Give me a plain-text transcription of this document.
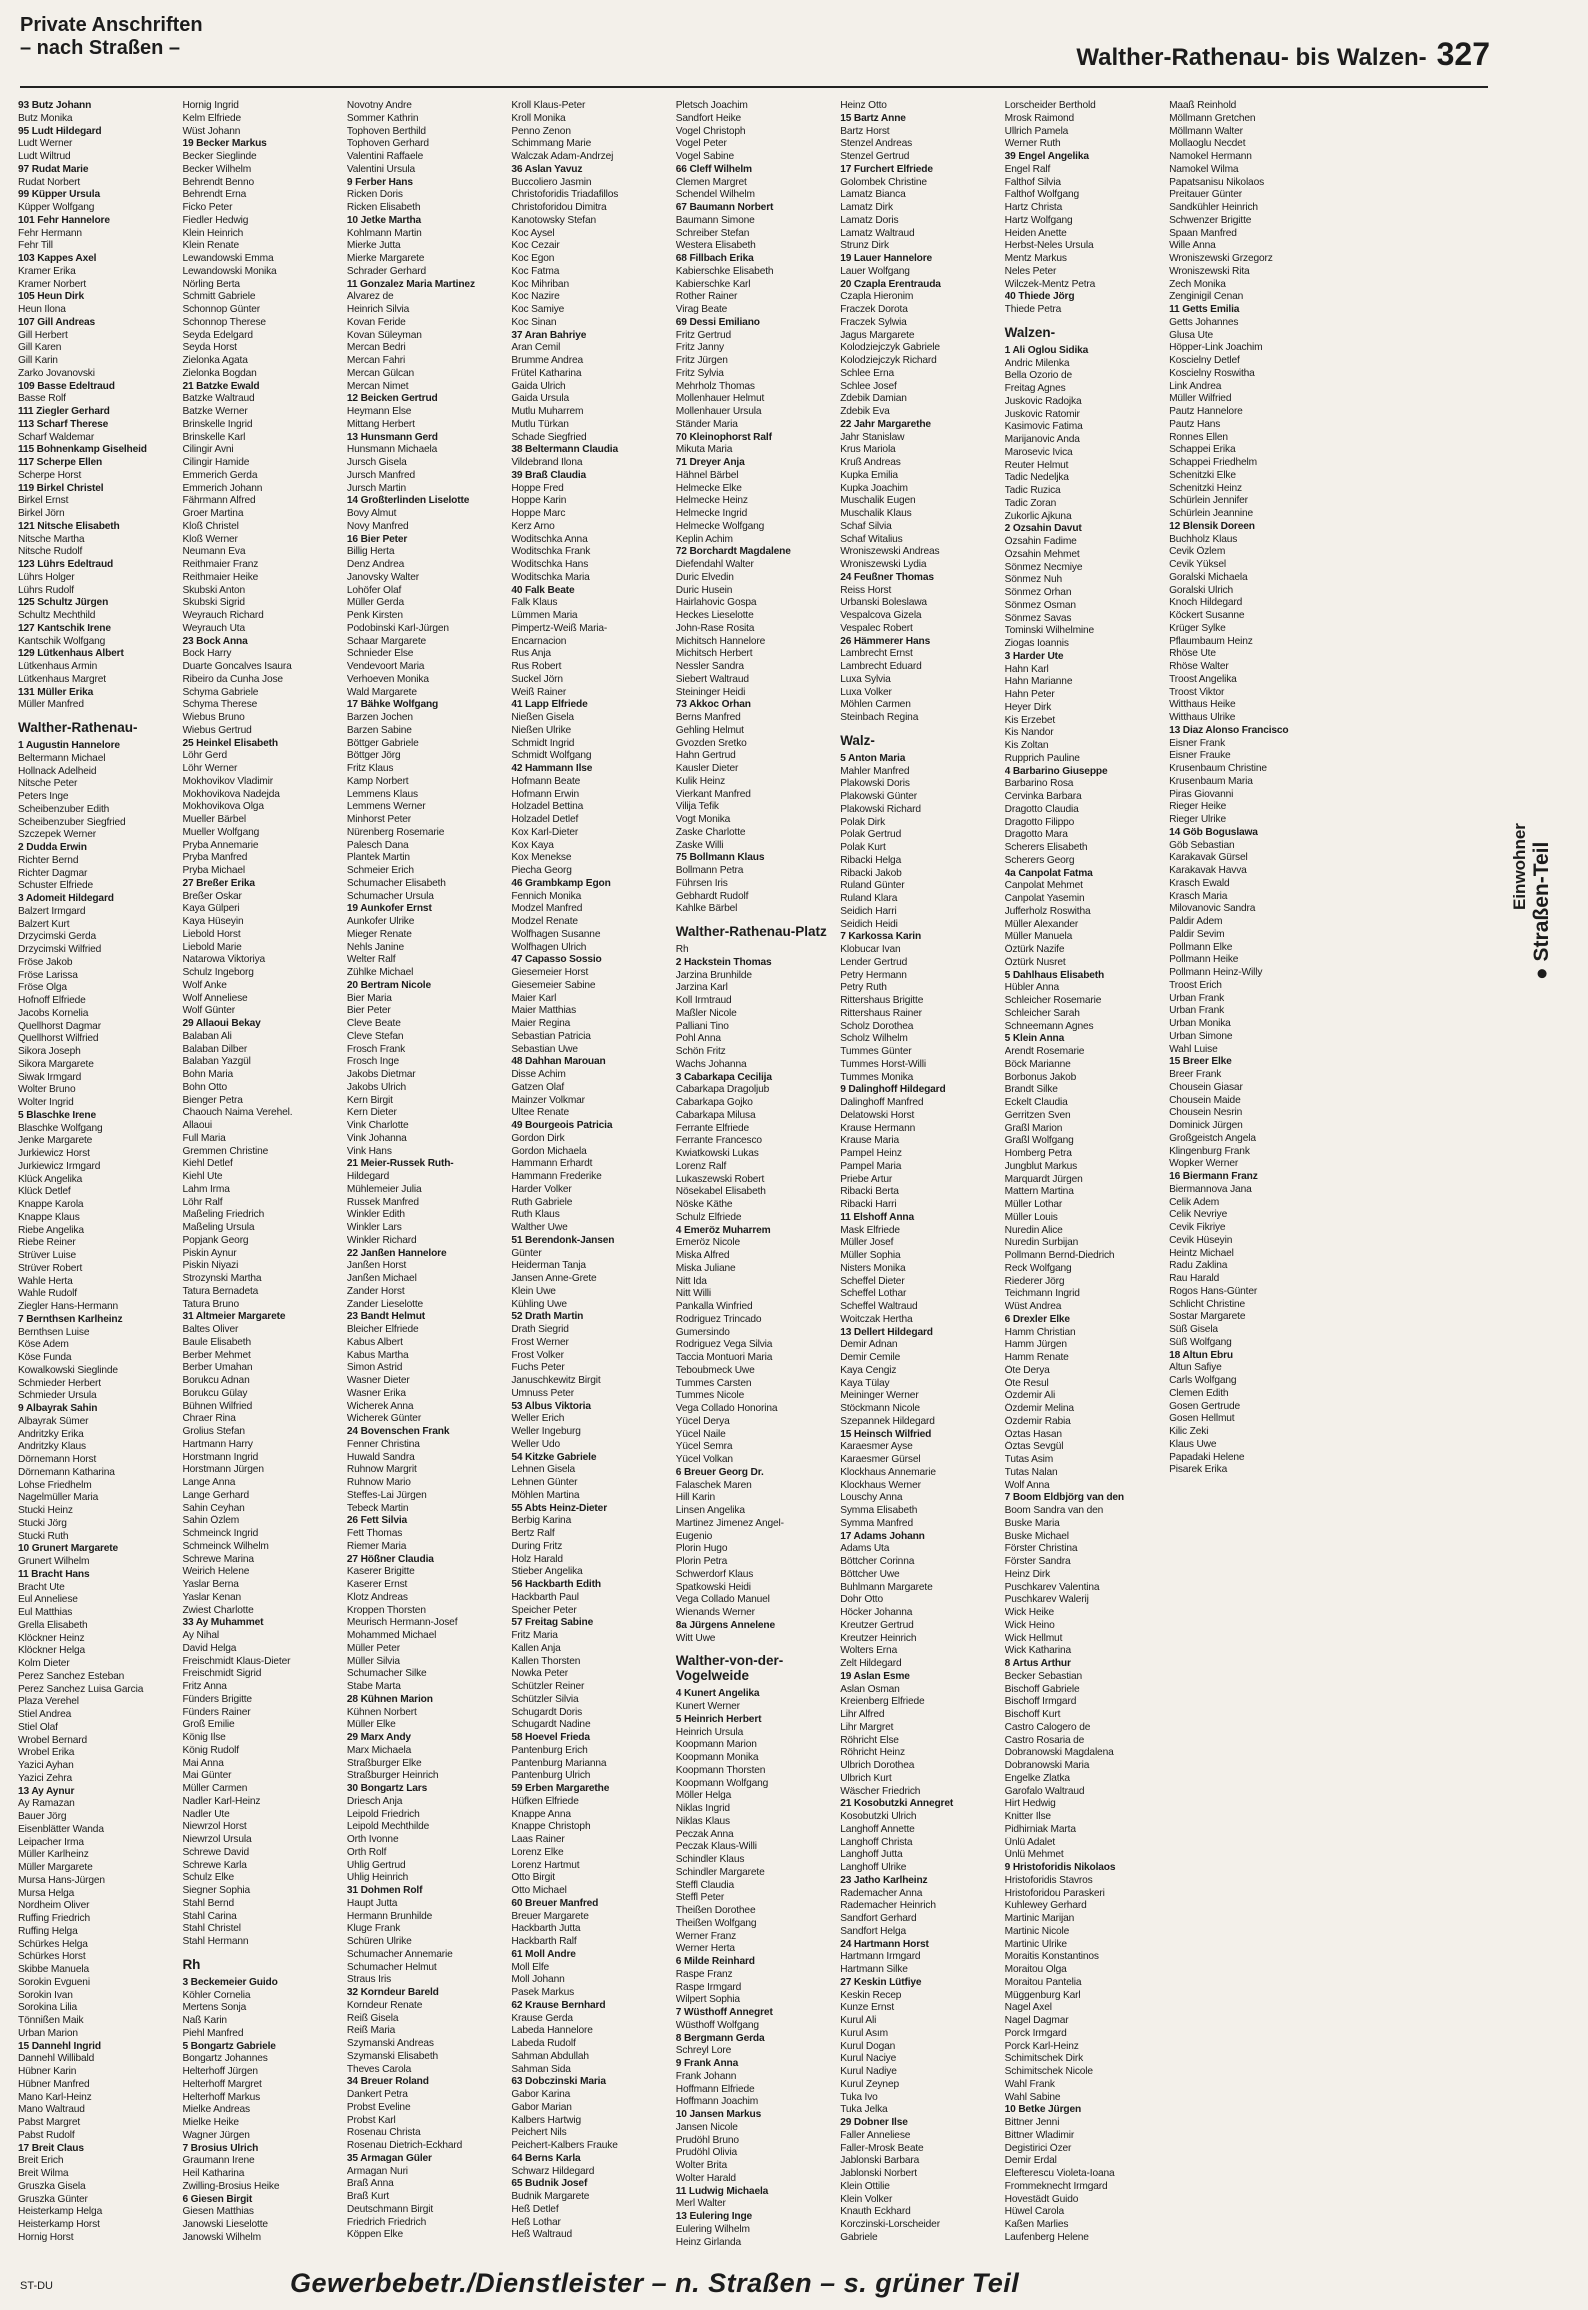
Private Anschriften
– nach Straßen –	Walther-Rathenau- bis Walzen- 327
93 Butz Johann
Butz Monika
95 Ludt Hildegard
Ludt Werner
Ludt Wiltrud
97 Rudat Marie
Rudat Norbert
99 Küpper Ursula
Küpper Wolfgang
101 Fehr Hannelore
Fehr Hermann
Fehr Till
103 Kappes Axel
Kramer Erika
Kramer Norbert
105 Heun Dirk
Heun Ilona
107 Gill Andreas
Gill Herbert
Gill Karen
Gill Karin
Zarko Jovanovski
109 Basse Edeltraud
Basse Rolf
111 Ziegler Gerhard
113 Scharf Therese
Scharf Waldemar
115 Bohnenkamp Giselheid
117 Scherpe Ellen
Scherpe Horst
119 Birkel Christel
Birkel Ernst
Birkel Jörn
121 Nitsche Elisabeth
Nitsche Martha
Nitsche Rudolf
123 Lührs Edeltraud
Lührs Holger
Lührs Rudolf
125 Schultz Jürgen
Schultz Mechthild
127 Kantschik Irene
Kantschik Wolfgang
129 Lütkenhaus Albert
Lütkenhaus Armin
Lütkenhaus Margret
131 Müller Erika
Müller Manfred
Walther-Rathenau-
1 Augustin Hannelore
Beltermann Michael
Hollnack Adelheid
Nitsche Peter
Peters Inge
Scheibenzuber Edith
Scheibenzuber Siegfried
Szczepek Werner
2 Dudda Erwin
Richter Bernd
Richter Dagmar
Schuster Elfriede
3 Adomeit Hildegard
Balzert Irmgard
Balzert Kurt
Drzycimski Gerda
Drzycimski Wilfried
Fröse Jakob
Fröse Larissa
Fröse Olga
Hofnoff Elfriede
Jacobs Kornelia
Quellhorst Dagmar
Quellhorst Wilfried
Sikora Joseph
Sikora Margarete
Siwak Irmgard
Wolter Bruno
Wolter Ingrid
5 Blaschke Irene
Blaschke Wolfgang
Jenke Margarete
Jurkiewicz Horst
Jurkiewicz Irmgard
Klück Angelika
Klück Detlef
Knappe Karola
Knappe Klaus
Riebe Angelika
Riebe Reiner
Strüver Luise
Strüver Robert
Wahle Herta
Wahle Rudolf
Ziegler Hans-Hermann
7 Bernthsen Karlheinz
Bernthsen Luise
Köse Adem
Köse Funda
Kowalkowski Sieglinde
Schmieder Herbert
Schmieder Ursula
9 Albayrak Sahin
Albayrak Sümer
Andritzky Erika
Andritzky Klaus
Dörnemann Horst
Dörnemann Katharina
Lohse Friedhelm
Nagelmüller Maria
Stucki Heinz
Stucki Jörg
Stucki Ruth
10 Grunert Margarete
Grunert Wilhelm
11 Bracht Hans
Bracht Ute
Eul Anneliese
Eul Matthias
Grella Elisabeth
Klöckner Heinz
Klöckner Helga
Kolm Dieter
Perez Sanchez Esteban
Perez Sanchez Luisa Garcia
Plaza Verehel
Stiel Andrea
Stiel Olaf
Wrobel Bernard
Wrobel Erika
Yazici Ayhan
Yazici Zehra
13 Ay Aynur
Ay Ramazan
Bauer Jörg
Eisenblätter Wanda
Leipacher Irma
Müller Karlheinz
Müller Margarete
Mursa Hans-Jürgen
Mursa Helga
Nordheim Oliver
Ruffing Friedrich
Ruffing Helga
Schürkes Helga
Schürkes Horst
Skibbe Manuela
Sorokin Evgueni
Sorokin Ivan
Sorokina Lilia
Tönnißen Maik
Urban Marion
15 Dannehl Ingrid
Dannehl Willibald
Hübner Karin
Hübner Manfred
Mano Karl-Heinz
Mano Waltraud
Pabst Margret
Pabst Rudolf
17 Breit Claus
Breit Erich
Breit Wilma
Gruszka Gisela
Gruszka Günter
Heisterkamp Helga
Heisterkamp Horst
Hornig Horst
Hornig Ingrid
Kelm Elfriede
Wüst Johann
19 Becker Markus
Becker Sieglinde
Becker Wilhelm
Behrendt Benno
Behrendt Erna
Ficko Peter
Fiedler Hedwig
Klein Heinrich
Klein Renate
Lewandowski Emma
Lewandowski Monika
Nörling Berta
Schmitt Gabriele
Schonnop Günter
Schonnop Therese
Seyda Edelgard
Seyda Horst
Zielonka Agata
Zielonka Bogdan
21 Batzke Ewald
Batzke Waltraud
Batzke Werner
Brinskelle Ingrid
Brinskelle Karl
Cilingir Avni
Cilingir Hamide
Emmerich Gerda
Emmerich Johann
Fährmann Alfred
Groer Martina
Kloß Christel
Kloß Werner
Neumann Eva
Reithmaier Franz
Reithmaier Heike
Skubski Anton
Skubski Sigrid
Weyrauch Richard
Weyrauch Uta
23 Bock Anna
Bock Harry
Duarte Goncalves Isaura
Ribeiro da Cunha Jose
Schyma Gabriele
Schyma Therese
Wiebus Bruno
Wiebus Gertrud
25 Heinkel Elisabeth
Löhr Gerd
Löhr Werner
Mokhovikov Vladimir
Mokhovikova Nadejda
Mokhovikova Olga
Mueller Bärbel
Mueller Wolfgang
Pryba Annemarie
Pryba Manfred
Pryba Michael
27 Breßer Erika
Breßer Oskar
Kaya Gülperi
Kaya Hüseyin
Liebold Horst
Liebold Marie
Natarowa Viktoriya
Schulz Ingeborg
Wolf Anke
Wolf Anneliese
Wolf Günter
29 Allaoui Bekay
Balaban Ali
Balaban Dilber
Balaban Yazgül
Bohn Maria
Bohn Otto
Bienger Petra
Chaouch Naima Verehel.
Allaoui
Full Maria
Gremmen Christine
Kiehl Detlef
Kiehl Ute
Lahm Irma
Löhr Ralf
Maßeling Friedrich
Maßeling Ursula
Popjank Georg
Piskin Aynur
Piskin Niyazi
Strozynski Martha
Tatura Bernadeta
Tatura Bruno
31 Altmeier Margarete
Baltes Oliver
Baule Elisabeth
Berber Mehmet
Berber Umahan
Borukcu Adnan
Borukcu Gülay
Bühnen Wilfried
Chraer Rina
Grolius Stefan
Hartmann Harry
Horstmann Ingrid
Horstmann Jürgen
Lange Anna
Lange Gerhard
Sahin Ceyhan
Sahin Özlem
Schmeinck Ingrid
Schmeinck Wilhelm
Schrewe Marina
Weirich Helene
Yaslar Berna
Yaslar Kenan
Zwiest Charlotte
33 Ay Muhammet
Ay Nihal
David Helga
Freischmidt Klaus-Dieter
Freischmidt Sigrid
Fritz Anna
Fünders Brigitte
Fünders Rainer
Groß Emilie
König Ilse
König Rudolf
Mai Anna
Mai Günter
Müller Carmen
Nadler Karl-Heinz
Nadler Ute
Niewrzol Horst
Niewrzol Ursula
Schrewe David
Schrewe Karla
Schulz Elke
Siegner Sophia
Stahl Bernd
Stahl Carina
Stahl Christel
Stahl Hermann
Rh
3 Beckemeier Guido
Köhler Cornelia
Mertens Sonja
Naß Karin
Piehl Manfred
5 Bongartz Gabriele
Bongartz Johannes
Helterhoff Jürgen
Helterhoff Margret
Helterhoff Markus
Mielke Andreas
Mielke Heike
Wagner Jürgen
7 Brosius Ulrich
Graumann Irene
Heil Katharina
Zwilling-Brosius Heike
6 Giesen Birgit
Giesen Matthias
Janowski Lieselotte
Janowski Wilhelm
Novotny Andre
Sommer Kathrin
Tophoven Berthild
Tophoven Gerhard
Valentini Raffaele
Valentini Ursula
9 Ferber Hans
Ricken Doris
Ricken Elisabeth
10 Jetke Martha
Kohlmann Martin
Mierke Jutta
Mierke Margarete
Schrader Gerhard
11 Gonzalez Maria Martinez
Alvarez de
Heinrich Silvia
Kovan Feride
Kovan Süleyman
Mercan Bedri
Mercan Fahri
Mercan Gülcan
Mercan Nimet
12 Beicken Gertrud
Heymann Else
Mittang Herbert
13 Hunsmann Gerd
Hunsmann Michaela
Jursch Gisela
Jursch Manfred
Jursch Martin
14 Großterlinden Liselotte
Bovy Almut
Novy Manfred
16 Bier Peter
Billig Herta
Denz Andrea
Janovsky Walter
Lohöfer Olaf
Müller Gerda
Penk Kirsten
Podobinski Karl-Jürgen
Schaar Margarete
Schnieder Else
Vendevoort Maria
Verhoeven Monika
Wald Margarete
17 Bähke Wolfgang
Barzen Jochen
Barzen Sabine
Böttger Gabriele
Böttger Jörg
Fritz Klaus
Kamp Norbert
Lemmens Klaus
Lemmens Werner
Minhorst Peter
Nürenberg Rosemarie
Palesch Dana
Plantek Martin
Schmeier Erich
Schumacher Elisabeth
Schumacher Ursula
19 Aunkofer Ernst
Aunkofer Ulrike
Mieger Renate
Nehls Janine
Welter Ralf
Zühlke Michael
20 Bertram Nicole
Bier Maria
Bier Peter
Cleve Beate
Cleve Stefan
Frosch Frank
Frosch Inge
Jakobs Dietmar
Jakobs Ulrich
Kern Birgit
Kern Dieter
Vink Charlotte
Vink Johanna
Vink Hans
21 Meier-Russek Ruth-
Hildegard
Mühlemeier Julia
Russek Manfred
Winkler Edith
Winkler Lars
Winkler Richard
22 Janßen Hannelore
Janßen Horst
Janßen Michael
Zander Horst
Zander Lieselotte
23 Bandt Helmut
Bleicher Elfriede
Kabus Albert
Kabus Martha
Simon Astrid
Wasner Dieter
Wasner Erika
Wicherek Anna
Wicherek Günter
24 Bovenschen Frank
Fenner Christina
Huwald Sandra
Ruhnow Margrit
Ruhnow Mario
Steffes-Lai Jürgen
Tebeck Martin
26 Fett Silvia
Fett Thomas
Riemer Maria
27 Hößner Claudia
Kaserer Brigitte
Kaserer Ernst
Klotz Andreas
Kroppen Thorsten
Meurisch Hermann-Josef
Mohammed Michael
Müller Peter
Müller Silvia
Schumacher Silke
Stabe Marta
28 Kühnen Marion
Kühnen Norbert
Müller Elke
29 Marx Andy
Marx Michaela
Straßburger Elke
Straßburger Heinrich
30 Bongartz Lars
Driesch Anja
Leipold Friedrich
Leipold Mechthilde
Orth Ivonne
Orth Rolf
Uhlig Gertrud
Uhlig Heinrich
31 Dohmen Rolf
Haupt Jutta
Hermann Brunhilde
Kluge Frank
Schüren Ulrike
Schumacher Annemarie
Schumacher Helmut
Straus Iris
32 Korndeur Bareld
Korndeur Renate
Reiß Gisela
Reiß Maria
Szymanski Andreas
Szymanski Elisabeth
Theves Carola
34 Breuer Roland
Dankert Petra
Probst Eveline
Probst Karl
Rosenau Christa
Rosenau Dietrich-Eckhard
35 Armagan Güler
Armagan Nuri
Braß Anna
Braß Kurt
Deutschmann Birgit
Friedrich Friedrich
Köppen Elke
Kroll Klaus-Peter
Kroll Monika
Penno Zenon
Schimmang Marie
Walczak Adam-Andrzej
36 Aslan Yavuz
Buccoliero Jasmin
Christoforidis Triadafillos
Christoforidou Dimitra
Kanotowsky Stefan
Koc Aysel
Koc Cezair
Koc Egon
Koc Fatma
Koc Mihriban
Koc Nazire
Koc Samiye
Koc Sinan
37 Aran Bahriye
Aran Cemil
Brumme Andrea
Frütel Katharina
Gaida Ulrich
Gaida Ursula
Mutlu Muharrem
Mutlu Türkan
Schade Siegfried
38 Beltermann Claudia
Vildebrand Ilona
39 Braß Claudia
Hoppe Fred
Hoppe Karin
Hoppe Marc
Kerz Arno
Woditschka Anna
Woditschka Frank
Woditschka Hans
Woditschka Maria
40 Falk Beate
Falk Klaus
Lümmen Maria
Pimpertz-Weiß Maria-
Encarnacion
Rus Anja
Rus Robert
Suckel Jörn
Weiß Rainer
41 Lapp Elfriede
Nießen Gisela
Nießen Ulrike
Schmidt Ingrid
Schmidt Wolfgang
42 Hammann Ilse
Hofmann Beate
Hofmann Erwin
Holzadel Bettina
Holzadel Detlef
Kox Karl-Dieter
Kox Kaya
Kox Menekse
Piecha Georg
46 Grambkamp Egon
Fennich Monika
Modzel Manfred
Modzel Renate
Wolfhagen Susanne
Wolfhagen Ulrich
47 Capasso Sossio
Giesemeier Horst
Giesemeier Sabine
Maier Karl
Maier Matthias
Maier Regina
Sebastian Patricia
Sebastian Uwe
48 Dahhan Marouan
Disse Achim
Gatzen Olaf
Mainzer Volkmar
Ultee Renate
49 Bourgeois Patricia
Gordon Dirk
Gordon Michaela
Hammann Erhardt
Hammann Frederike
Harder Volker
Ruth Gabriele
Ruth Klaus
Walther Uwe
51 Berendonk-Jansen
Günter
Heiderman Tanja
Jansen Anne-Grete
Klein Uwe
Kühling Uwe
52 Drath Martin
Drath Siegrid
Frost Werner
Frost Volker
Fuchs Peter
Januschkewitz Birgit
Umnuss Peter
53 Albus Viktoria
Weller Erich
Weller Ingeburg
Weller Udo
54 Kitzke Gabriele
Lehnen Gisela
Lehnen Günter
Möhlen Martina
55 Abts Heinz-Dieter
Berbig Karina
Bertz Ralf
During Fritz
Holz Harald
Stieber Angelika
56 Hackbarth Edith
Hackbarth Paul
Speicher Peter
57 Freitag Sabine
Fritz Maria
Kallen Anja
Kallen Thorsten
Nowka Peter
Schützler Reiner
Schützler Silvia
Schugardt Doris
Schugardt Nadine
58 Hoevel Frieda
Pantenburg Erich
Pantenburg Marianna
Pantenburg Ulrich
59 Erben Margarethe
Hüfken Elfriede
Knappe Anna
Knappe Christoph
Laas Rainer
Lorenz Elke
Lorenz Hartmut
Otto Birgit
Otto Michael
60 Breuer Manfred
Breuer Margarete
Hackbarth Jutta
Hackbarth Ralf
61 Moll Andre
Moll Elfe
Moll Johann
Pasek Markus
62 Krause Bernhard
Krause Gerda
Labeda Hannelore
Labeda Rudolf
Sahman Abdullah
Sahman Sida
63 Dobczinski Maria
Gabor Karina
Gabor Marian
Kalbers Hartwig
Peichert Nils
Peichert-Kalbers Frauke
64 Berns Karla
Schwarz Hildegard
65 Budnik Josef
Budnik Margarete
Heß Detlef
Heß Lothar
Heß Waltraud
Pletsch Joachim
Sandfort Heike
Vogel Christoph
Vogel Peter
Vogel Sabine
66 Cleff Wilhelm
Clemen Margret
Schendel Wilhelm
67 Baumann Norbert
Baumann Simone
Schreiber Stefan
Westera Elisabeth
68 Fillbach Erika
Kabierschke Elisabeth
Kabierschke Karl
Rother Rainer
Virag Beate
69 Dessi Emiliano
Fritz Gertrud
Fritz Janny
Fritz Jürgen
Fritz Sylvia
Mehrholz Thomas
Mollenhauer Helmut
Mollenhauer Ursula
Ständer Maria
70 Kleinophorst Ralf
Mikuta Maria
71 Dreyer Anja
Hähnel Bärbel
Helmecke Elke
Helmecke Heinz
Helmecke Ingrid
Helmecke Wolfgang
Keplin Achim
72 Borchardt Magdalene
Diefendahl Walter
Duric Elvedin
Duric Husein
Hairlahovic Gospa
Heckes Lieselotte
John-Rase Rosita
Michitsch Hannelore
Michitsch Herbert
Nessler Sandra
Siebert Waltraud
Steininger Heidi
73 Akkoc Orhan
Berns Manfred
Gehling Helmut
Gvozden Sretko
Hahn Gertrud
Kausler Dieter
Kulik Heinz
Vierkant Manfred
Vilija Tefik
Vogt Monika
Zaske Charlotte
Zaske Willi
75 Bollmann Klaus
Bollmann Petra
Führsen Iris
Gebhardt Rudolf
Kahlke Bärbel
Walther-Rathenau-Platz
Rh
2 Hackstein Thomas
Jarzina Brunhilde
Jarzina Karl
Koll Irmtraud
Maßler Nicole
Palliani Tino
Pohl Anna
Schön Fritz
Wachs Johanna
3 Cabarkapa Cecilija
Cabarkapa Dragoljub
Cabarkapa Gojko
Cabarkapa Milusa
Ferrante Elfriede
Ferrante Francesco
Kwiatkowski Lukas
Lorenz Ralf
Lukaszewski Robert
Nösekabel Elisabeth
Nöske Käthe
Schulz Elfriede
4 Emeröz Muharrem
Emeröz Nicole
Miska Alfred
Miska Juliane
Nitt Ida
Nitt Willi
Pankalla Winfried
Rodriguez Trincado
Gumersindo
Rodriguez Vega Silvia
Taccia Montuori Maria
Teboubmeck Uwe
Tummes Carsten
Tummes Nicole
Vega Collado Honorina
Yücel Derya
Yücel Naile
Yücel Semra
Yücel Volkan
6 Breuer Georg Dr.
Falaschek Maren
Hill Karin
Linsen Angelika
Martinez Jimenez Angel-
Eugenio
Plorin Hugo
Plorin Petra
Schwerdorf Klaus
Spatkowski Heidi
Vega Collado Manuel
Wienands Werner
8a Jürgens Annelene
Witt Uwe
Walther-von-der-Vogelweide
4 Kunert Angelika
Kunert Werner
5 Heinrich Herbert
Heinrich Ursula
Koopmann Marion
Koopmann Monika
Koopmann Thorsten
Koopmann Wolfgang
Möller Helga
Niklas Ingrid
Niklas Klaus
Peczak Anna
Peczak Klaus-Willi
Schindler Klaus
Schindler Margarete
Steffl Claudia
Steffl Peter
Theißen Dorothee
Theißen Wolfgang
Werner Franz
Werner Herta
6 Milde Reinhard
Raspe Franz
Raspe Irmgard
Wilpert Sophia
7 Wüsthoff Annegret
Wüsthoff Wolfgang
8 Bergmann Gerda
Schreyl Lore
9 Frank Anna
Frank Johann
Hoffmann Elfriede
Hoffmann Joachim
10 Jansen Markus
Jansen Nicole
Prudöhl Bruno
Prudöhl Olivia
Wolter Brita
Wolter Harald
11 Ludwig Michaela
Merl Walter
13 Eulering Inge
Eulering Wilhelm
Heinz Girlanda
Heinz Otto
15 Bartz Anne
Bartz Horst
Stenzel Andreas
Stenzel Gertrud
17 Furchert Elfriede
Golombek Christine
Lamatz Bianca
Lamatz Dirk
Lamatz Doris
Lamatz Waltraud
Strunz Dirk
19 Lauer Hannelore
Lauer Wolfgang
20 Czapla Erentrauda
Czapla Hieronim
Fraczek Dorota
Fraczek Sylwia
Jagus Margarete
Kolodziejczyk Gabriele
Kolodziejczyk Richard
Schlee Erna
Schlee Josef
Zdebik Damian
Zdebik Eva
22 Jahr Margarethe
Jahr Stanislaw
Krus Mariola
Kruß Andreas
Kupka Emilia
Kupka Joachim
Muschalik Eugen
Muschalik Klaus
Schaf Silvia
Schaf Witalius
Wroniszewski Andreas
Wroniszewski Lydia
24 Feußner Thomas
Reiss Horst
Urbanski Boleslawa
Vespalcova Gizela
Vespalec Robert
26 Hämmerer Hans
Lambrecht Ernst
Lambrecht Eduard
Luxa Sylvia
Luxa Volker
Möhlen Carmen
Steinbach Regina
Walz-
5 Anton Maria
Mahler Manfred
Plakowski Doris
Plakowski Günter
Plakowski Richard
Polak Dirk
Polak Gertrud
Polak Kurt
Ribacki Helga
Ribacki Jakob
Ruland Günter
Ruland Klara
Seidich Harri
Seidich Heidi
7 Karkossa Karin
Klobucar Ivan
Lender Gertrud
Petry Hermann
Petry Ruth
Rittershaus Brigitte
Rittershaus Rainer
Scholz Dorothea
Scholz Wilhelm
Tummes Günter
Tummes Horst-Willi
Tummes Monika
9 Dalinghoff Hildegard
Dalinghoff Manfred
Delatowski Horst
Krause Hermann
Krause Maria
Pampel Heinz
Pampel Maria
Priebe Artur
Ribacki Berta
Ribacki Harri
11 Elshoff Anna
Mask Elfriede
Müller Josef
Müller Sophia
Nisters Monika
Scheffel Dieter
Scheffel Lothar
Scheffel Waltraud
Woitczak Hertha
13 Dellert Hildegard
Demir Adnan
Demir Cemile
Kaya Cengiz
Kaya Tülay
Meininger Werner
Stöckmann Nicole
Szepannek Hildegard
15 Heinsch Wilfried
Karaesmer Ayse
Karaesmer Gürsel
Klockhaus Annemarie
Klockhaus Werner
Louschy Anna
Symma Elisabeth
Symma Manfred
17 Adams Johann
Adams Uta
Böttcher Corinna
Böttcher Uwe
Buhlmann Margarete
Dohr Otto
Höcker Johanna
Kreutzer Gertrud
Kreutzer Heinrich
Wolters Erna
Zelt Hildegard
19 Aslan Esme
Aslan Osman
Kreienberg Elfriede
Lihr Alfred
Lihr Margret
Röhricht Else
Röhricht Heinz
Ulbrich Dorothea
Ulbrich Kurt
Wäscher Friedrich
21 Kosobutzki Annegret
Kosobutzki Ulrich
Langhoff Annette
Langhoff Christa
Langhoff Jutta
Langhoff Ulrike
23 Jatho Karlheinz
Rademacher Anna
Rademacher Heinrich
Sandfort Gerhard
Sandfort Helga
24 Hartmann Horst
Hartmann Irmgard
Hartmann Silke
27 Keskin Lütfiye
Keskin Recep
Kunze Ernst
Kurul Ali
Kurul Asım
Kurul Dogan
Kurul Naciye
Kurul Nadiye
Kurul Zeynep
Tuka Ivo
Tuka Jelka
29 Dobner Ilse
Faller Anneliese
Faller-Mrosk Beate
Jablonski Barbara
Jablonski Norbert
Klein Ottilie
Klein Volker
Knauth Eckhard
Korczinski-Lorscheider
Gabriele
Lorscheider Berthold
Mrosk Raimond
Ullrich Pamela
Werner Ruth
39 Engel Angelika
Engel Ralf
Falthof Silvia
Falthof Wolfgang
Hartz Christa
Hartz Wolfgang
Heiden Anette
Herbst-Neles Ursula
Mentz Markus
Neles Peter
Wilczek-Mentz Petra
40 Thiede Jörg
Thiede Petra
Walzen-
1 Ali Oglou Sidika
Andric Milenka
Bella Ozorio de
Freitag Agnes
Juskovic Radojka
Juskovic Ratomir
Kasimovic Fatima
Marijanovic Anda
Marosevic Ivica
Reuter Helmut
Tadic Nedeljka
Tadic Ruzica
Tadic Zoran
Zukorlic Ajkuna
2 Özsahin Davut
Özsahin Fadime
Özsahin Mehmet
Sönmez Necmiye
Sönmez Nuh
Sönmez Orhan
Sönmez Osman
Sönmez Savas
Tominski Wilhelmine
Ziogas Ioannis
3 Harder Ute
Hahn Karl
Hahn Marianne
Hahn Peter
Heyer Dirk
Kis Erzebet
Kis Nandor
Kis Zoltan
Rupprich Pauline
4 Barbarino Giuseppe
Barbarino Rosa
Cervinka Barbara
Dragotto Claudia
Dragotto Filippo
Dragotto Mara
Scherers Elisabeth
Scherers Georg
4a Canpolat Fatma
Canpolat Mehmet
Canpolat Yasemin
Jufferholz Roswitha
Müller Alexander
Müller Manuela
Öztürk Nazife
Öztürk Nusret
5 Dahlhaus Elisabeth
Hübler Anna
Schleicher Rosemarie
Schleicher Sarah
Schneemann Agnes
5 Klein Anna
Arendt Rosemarie
Böck Marianne
Borbonus Jakob
Brandt Silke
Eckelt Claudia
Gerritzen Sven
Graßl Marion
Graßl Wolfgang
Homberg Petra
Jungblut Markus
Marquardt Jürgen
Mattern Martina
Müller Lothar
Müller Louis
Nuredin Alice
Nuredin Surbijan
Pollmann Bernd-Diedrich
Reck Wolfgang
Riederer Jörg
Teichmann Ingrid
Wüst Andrea
6 Drexler Elke
Hamm Christian
Hamm Jürgen
Hamm Renate
Öte Derya
Öte Resul
Özdemir Ali
Özdemir Melina
Özdemir Rabia
Öztas Hasan
Öztas Sevgül
Tutas Asim
Tutas Nalan
Wolf Anna
7 Boom Eldbjörg van den
Boom Sandra van den
Buske Maria
Buske Michael
Förster Christina
Förster Sandra
Heinz Dirk
Puschkarev Valentina
Puschkarev Walerij
Wick Heike
Wick Heino
Wick Hellmut
Wick Katharina
8 Artus Arthur
Becker Sebastian
Bischoff Gabriele
Bischoff Irmgard
Bischoff Kurt
Castro Calogero de
Castro Rosaria de
Dobranowski Magdalena
Dobranowski Maria
Engelke Zlatka
Garofalo Waltraud
Hirt Hedwig
Knitter Ilse
Pidhirniak Marta
Ünlü Adalet
Ünlü Mehmet
9 Hristoforidis Nikolaos
Hristoforidis Stavros
Hristoforidou Paraskeri
Kuhlewey Gerhard
Martinic Marijan
Martinic Nicole
Martinic Ulrike
Moraitis Konstantinos
Moraitou Olga
Moraitou Pantelia
Müggenburg Karl
Nagel Axel
Nagel Dagmar
Porck Irmgard
Porck Karl-Heinz
Schimitschek Dirk
Schimitschek Nicole
Wahl Frank
Wahl Sabine
10 Betke Jürgen
Bittner Jenni
Bittner Wladimir
Degistirici Özer
Demir Erdal
Elefterescu Violeta-Ioana
Frommeknecht Irmgard
Hovestädt Guido
Hüwel Carola
Kaßen Marlies
Laufenberg Helene
Maaß Reinhold
Möllmann Gretchen
Möllmann Walter
Mollaoglu Necdet
Namokel Hermann
Namokel Wilma
Papatsanisu Nikolaos
Preitauer Günter
Sandkühler Heinrich
Schwenzer Brigitte
Spaan Manfred
Wille Anna
Wroniszewski Grzegorz
Wroniszewski Rita
Zech Monika
Zenginigil Cenan
11 Getts Emilia
Getts Johannes
Glusa Ute
Höpper-Link Joachim
Koscielny Detlef
Koscielny Roswitha
Link Andrea
Müller Wilfried
Pautz Hannelore
Pautz Hans
Ronnes Ellen
Schappei Erika
Schappei Friedhelm
Schenitzki Elke
Schenitzki Heinz
Schürlein Jennifer
Schürlein Jeannine
12 Blensik Doreen
Buchholz Klaus
Cevik Özlem
Cevik Yüksel
Goralski Michaela
Goralski Ulrich
Knoch Hildegard
Köckert Susanne
Krüger Sylke
Pflaumbaum Heinz
Rhöse Ute
Rhöse Walter
Troost Angelika
Troost Viktor
Witthaus Heike
Witthaus Ulrike
13 Diaz Alonso Francisco
Eisner Frank
Eisner Frauke
Krusenbaum Christine
Krusenbaum Maria
Piras Giovanni
Rieger Heike
Rieger Ulrike
14 Göb Boguslawa
Göb Sebastian
Karakavak Gürsel
Karakavak Havva
Krasch Ewald
Krasch Maria
Milovanovic Sandra
Paldir Adem
Paldir Sevim
Pollmann Elke
Pollmann Heike
Pollmann Heinz-Willy
Troost Erich
Urban Frank
Urban Frank
Urban Monika
Urban Simone
Wahl Luise
15 Breer Elke
Breer Frank
Chousein Giasar
Chousein Maide
Chousein Nesrin
Dominick Jürgen
Großgeistch Angela
Klingenburg Frank
Wopker Werner
16 Biermann Franz
Biermannova Jana
Celik Adem
Celik Nevriye
Cevik Fikriye
Cevik Hüseyin
Heintz Michael
Radu Zaklina
Rau Harald
Rogos Hans-Günter
Schlicht Christine
Sostar Margarete
Süß Gisela
Süß Wolfgang
18 Altun Ebru
Altun Safiye
Carls Wolfgang
Clemen Edith
Gosen Gertrude
Gosen Hellmut
Kilic Zeki
Klaus Uwe
Papadaki Helene
Pisarek Erika
Einwohner ● Straßen-Teil
ST-DU	Gewerbebetr./Dienstleister – n. Straßen – s. grüner Teil
